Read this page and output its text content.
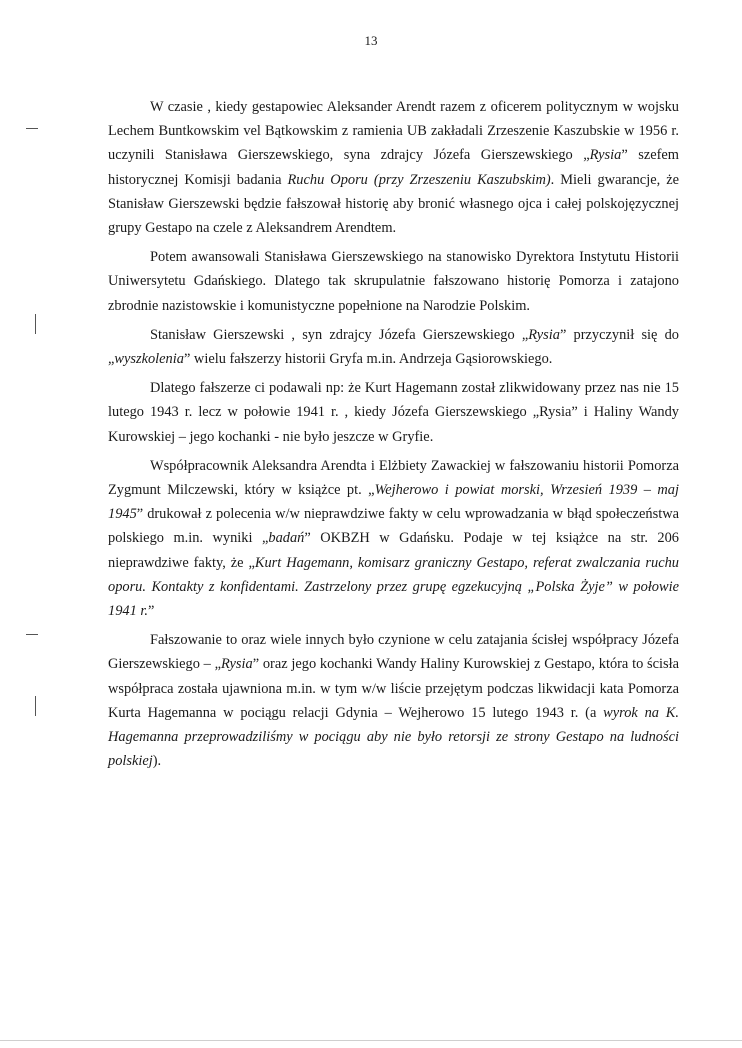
13

W czasie , kiedy gestapowiec Aleksander Arendt razem z oficerem politycznym w wojsku Lechem Buntkowskim vel Bątkowskim z ramienia UB zakładali Zrzeszenie Kaszubskie w 1956 r. uczynili Stanisława Gierszewskiego, syna zdrajcy Józefa Gierszewskiego „Rysia” szefem historycznej Komisji badania Ruchu Oporu (przy Zrzeszeniu Kaszubskim). Mieli gwarancje, że Stanisław Gierszewski będzie fałszował historię aby bronić własnego ojca i całej polskojęzycznej grupy Gestapo na czele z Aleksandrem Arendtem.

Potem awansowali Stanisława Gierszewskiego na stanowisko Dyrektora Instytutu Historii Uniwersytetu Gdańskiego. Dlatego tak skrupulatnie fałszowano historię Pomorza i zatajono zbrodnie nazistowskie i komunistyczne popełnione na Narodzie Polskim.

Stanisław Gierszewski , syn zdrajcy Józefa Gierszewskiego „Rysia” przyczynił się do „wyszkolenia” wielu fałszerzy historii Gryfa m.in. Andrzeja Gąsiorowskiego.

Dlatego fałszerze ci podawali np: że Kurt Hagemann został zlikwidowany przez nas nie 15 lutego 1943 r. lecz w połowie 1941 r. , kiedy Józefa Gierszewskiego „Rysia” i Haliny Wandy Kurowskiej – jego kochanki - nie było jeszcze w Gryfie.

Współpracownik Aleksandra Arendta i Elżbiety Zawackiej w fałszowaniu historii Pomorza Zygmunt Milczewski, który w książce pt. „Wejherowo i powiat morski, Wrzesień 1939 – maj 1945” drukował z polecenia w/w nieprawdziwe fakty w celu wprowadzania w błąd społeczeństwa polskiego m.in. wyniki „badań” OKBZH w Gdańsku. Podaje w tej książce na str. 206 nieprawdziwe fakty, że „Kurt Hagemann, komisarz graniczny Gestapo, referat zwalczania ruchu oporu. Kontakty z konfidentami. Zastrzelony przez grupę egzekucyjną „Polska Żyje” w połowie 1941 r.”

Fałszowanie to oraz wiele innych było czynione w celu zatajania ścisłej współpracy Józefa Gierszewskiego – „Rysia” oraz jego kochanki Wandy Haliny Kurowskiej z Gestapo, która to ścisła współpraca została ujawniona m.in. w tym w/w liście przejętym podczas likwidacji kata Pomorza Kurta Hagemanna w pociągu relacji Gdynia – Wejherowo 15 lutego 1943 r. (a wyrok na K. Hagemanna przeprowadziliśmy w pociągu aby nie było retorsji ze strony Gestapo na ludności polskiej).
